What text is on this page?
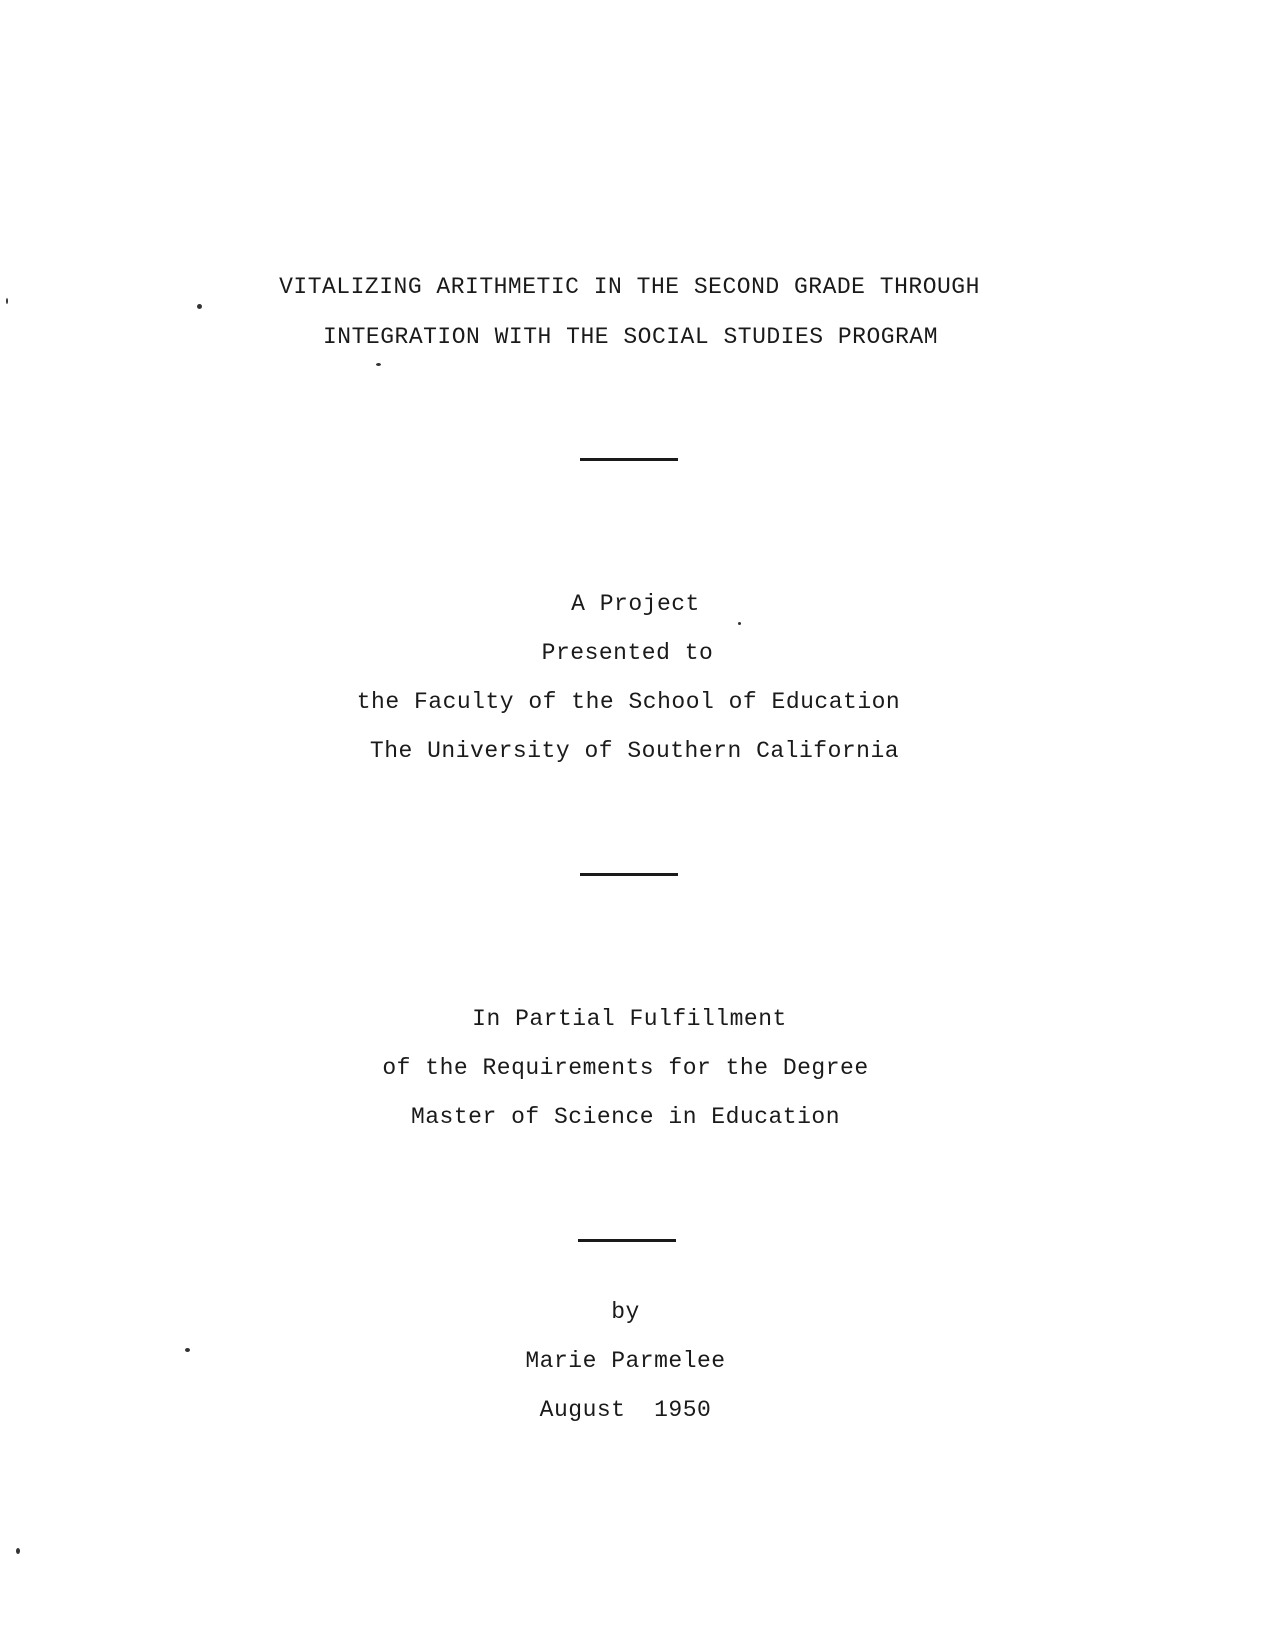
VITALIZING ARITHMETIC IN THE SECOND GRADE THROUGH
INTEGRATION WITH THE SOCIAL STUDIES PROGRAM
A Project
Presented to
the Faculty of the School of Education
The University of Southern California
In Partial Fulfillment
of the Requirements for the Degree
Master of Science in Education
by
Marie Parmelee
August  1950
